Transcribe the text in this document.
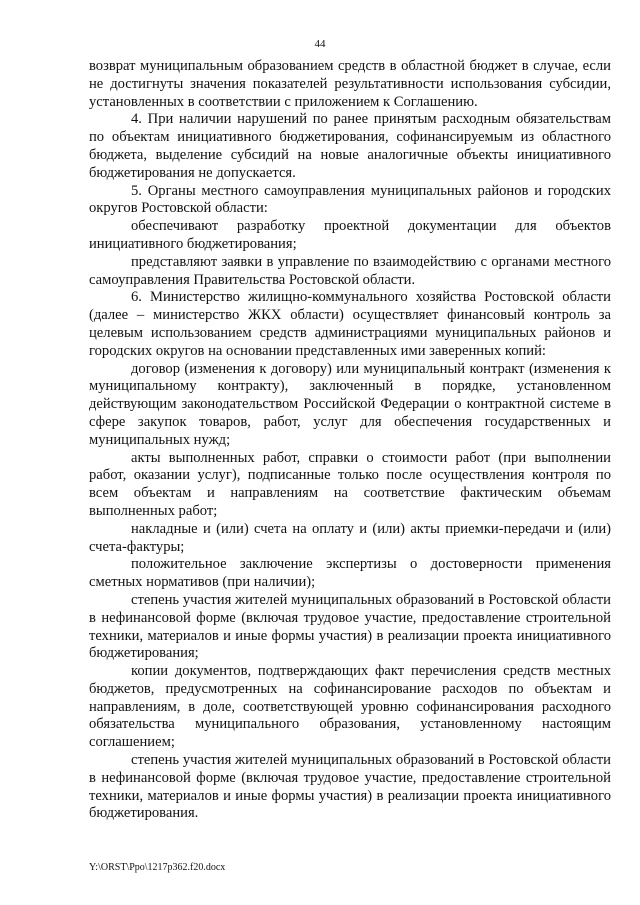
44

возврат муниципальным образованием средств в областной бюджет в случае, если не достигнуты значения показателей результативности использования субсидии, установленных в соответствии с приложением к Соглашению.

4. При наличии нарушений по ранее принятым расходным обязательствам по объектам инициативного бюджетирования, софинансируемым из областного бюджета, выделение субсидий на новые аналогичные объекты инициативного бюджетирования не допускается.

5. Органы местного самоуправления муниципальных районов и городских округов Ростовской области:

обеспечивают разработку проектной документации для объектов инициативного бюджетирования;

представляют заявки в управление по взаимодействию с органами местного самоуправления Правительства Ростовской области.

6. Министерство жилищно-коммунального хозяйства Ростовской области (далее – министерство ЖКХ области) осуществляет финансовый контроль за целевым использованием средств администрациями муниципальных районов и городских округов на основании представленных ими заверенных копий:

договор (изменения к договору) или муниципальный контракт (изменения к муниципальному контракту), заключенный в порядке, установленном действующим законодательством Российской Федерации о контрактной системе в сфере закупок товаров, работ, услуг для обеспечения государственных и муниципальных нужд;

акты выполненных работ, справки о стоимости работ (при выполнении работ, оказании услуг), подписанные только после осуществления контроля по всем объектам и направлениям на соответствие фактическим объемам выполненных работ;

накладные и (или) счета на оплату и (или) акты приемки-передачи и (или) счета-фактуры;

положительное заключение экспертизы о достоверности применения сметных нормативов (при наличии);

степень участия жителей муниципальных образований в Ростовской области в нефинансовой форме (включая трудовое участие, предоставление строительной техники, материалов и иные формы участия) в реализации проекта инициативного бюджетирования;

копии документов, подтверждающих факт перечисления средств местных бюджетов, предусмотренных на софинансирование расходов по объектам и направлениям, в доле, соответствующей уровню софинансирования расходного обязательства муниципального образования, установленному настоящим соглашением;

степень участия жителей муниципальных образований в Ростовской области в нефинансовой форме (включая трудовое участие, предоставление строительной техники, материалов и иные формы участия) в реализации проекта инициативного бюджетирования.

Y:\ORST\Ppo\1217p362.f20.docx
